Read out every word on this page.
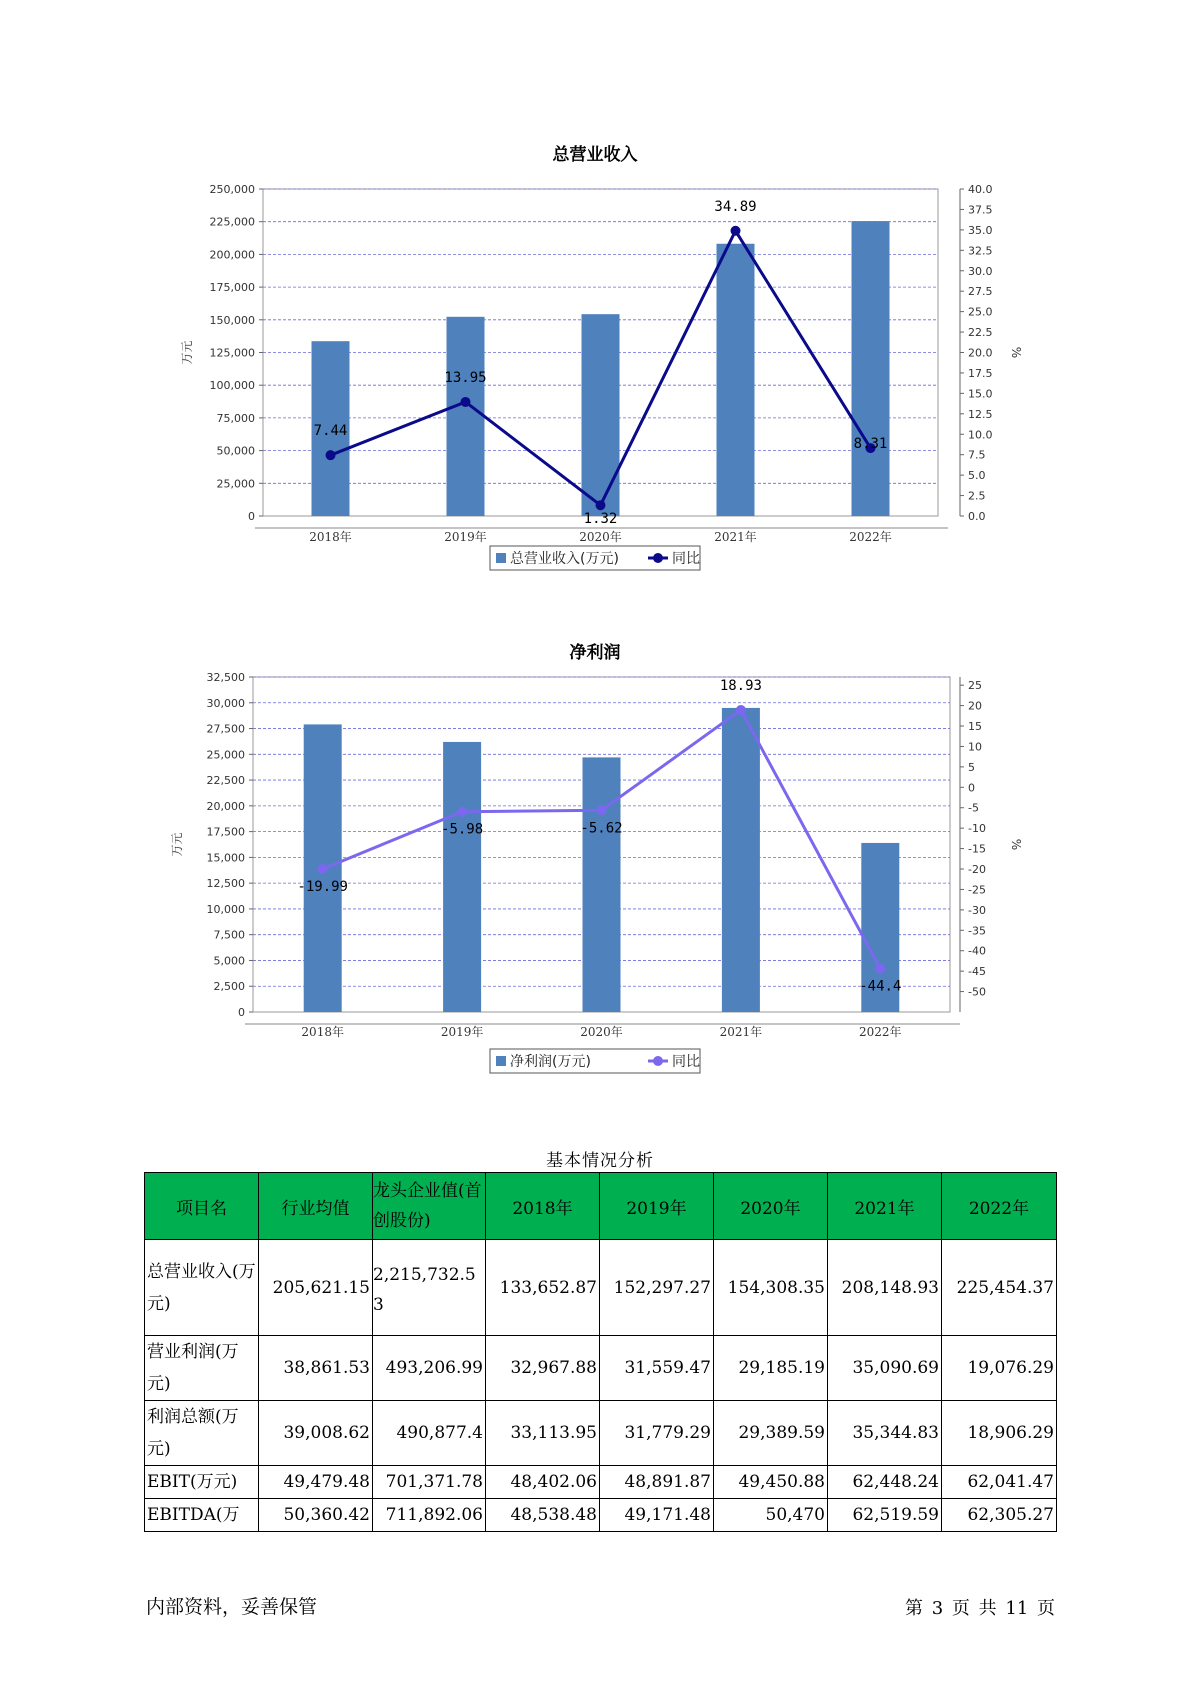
总营业收入
0
25,000
50,000
75,000
100,000
125,000
150,000
175,000
200,000
225,000
250,000
万元
0.0
2.5
5.0
7.5
10.0
12.5
15.0
17.5
20.0
22.5
25.0
27.5
30.0
32.5
35.0
37.5
40.0
%
2018年	2019年	2020年	2021年	2022年
7.44
13.95
1.32
34.89
8.31
总营业收入(万元)	同比
净利润
0
2,500
5,000
7,500
10,000
12,500
15,000
17,500
20,000
22,500
25,000
27,500
30,000
32,500
万元
-50
-45
-40
-35
-30
-25
-20
-15
-10
-5
0
5
10
15
20
25
%
2018年	2019年	2020年	2021年	2022年
-19.99
-5.98	-5.62
18.93
-44.4
净利润(万元)	同比
基本情况分析
项目名	行业均值	龙头企业值(首创股份)	2018年	2019年	2020年	2021年	2022年
总营业收入(万元)	205,621.15	2,215,732.53	133,652.87	152,297.27	154,308.35	208,148.93	225,454.37
营业利润(万元)	38,861.53	493,206.99	32,967.88	31,559.47	29,185.19	35,090.69	19,076.29
利润总额(万元)	39,008.62	490,877.4	33,113.95	31,779.29	29,389.59	35,344.83	18,906.29
EBIT(万元)	49,479.48	701,371.78	48,402.06	48,891.87	49,450.88	62,448.24	62,041.47
EBITDA(万	50,360.42	711,892.06	48,538.48	49,171.48	50,470	62,519.59	62,305.27
内部资料，妥善保管	第 3 页 共 11 页
